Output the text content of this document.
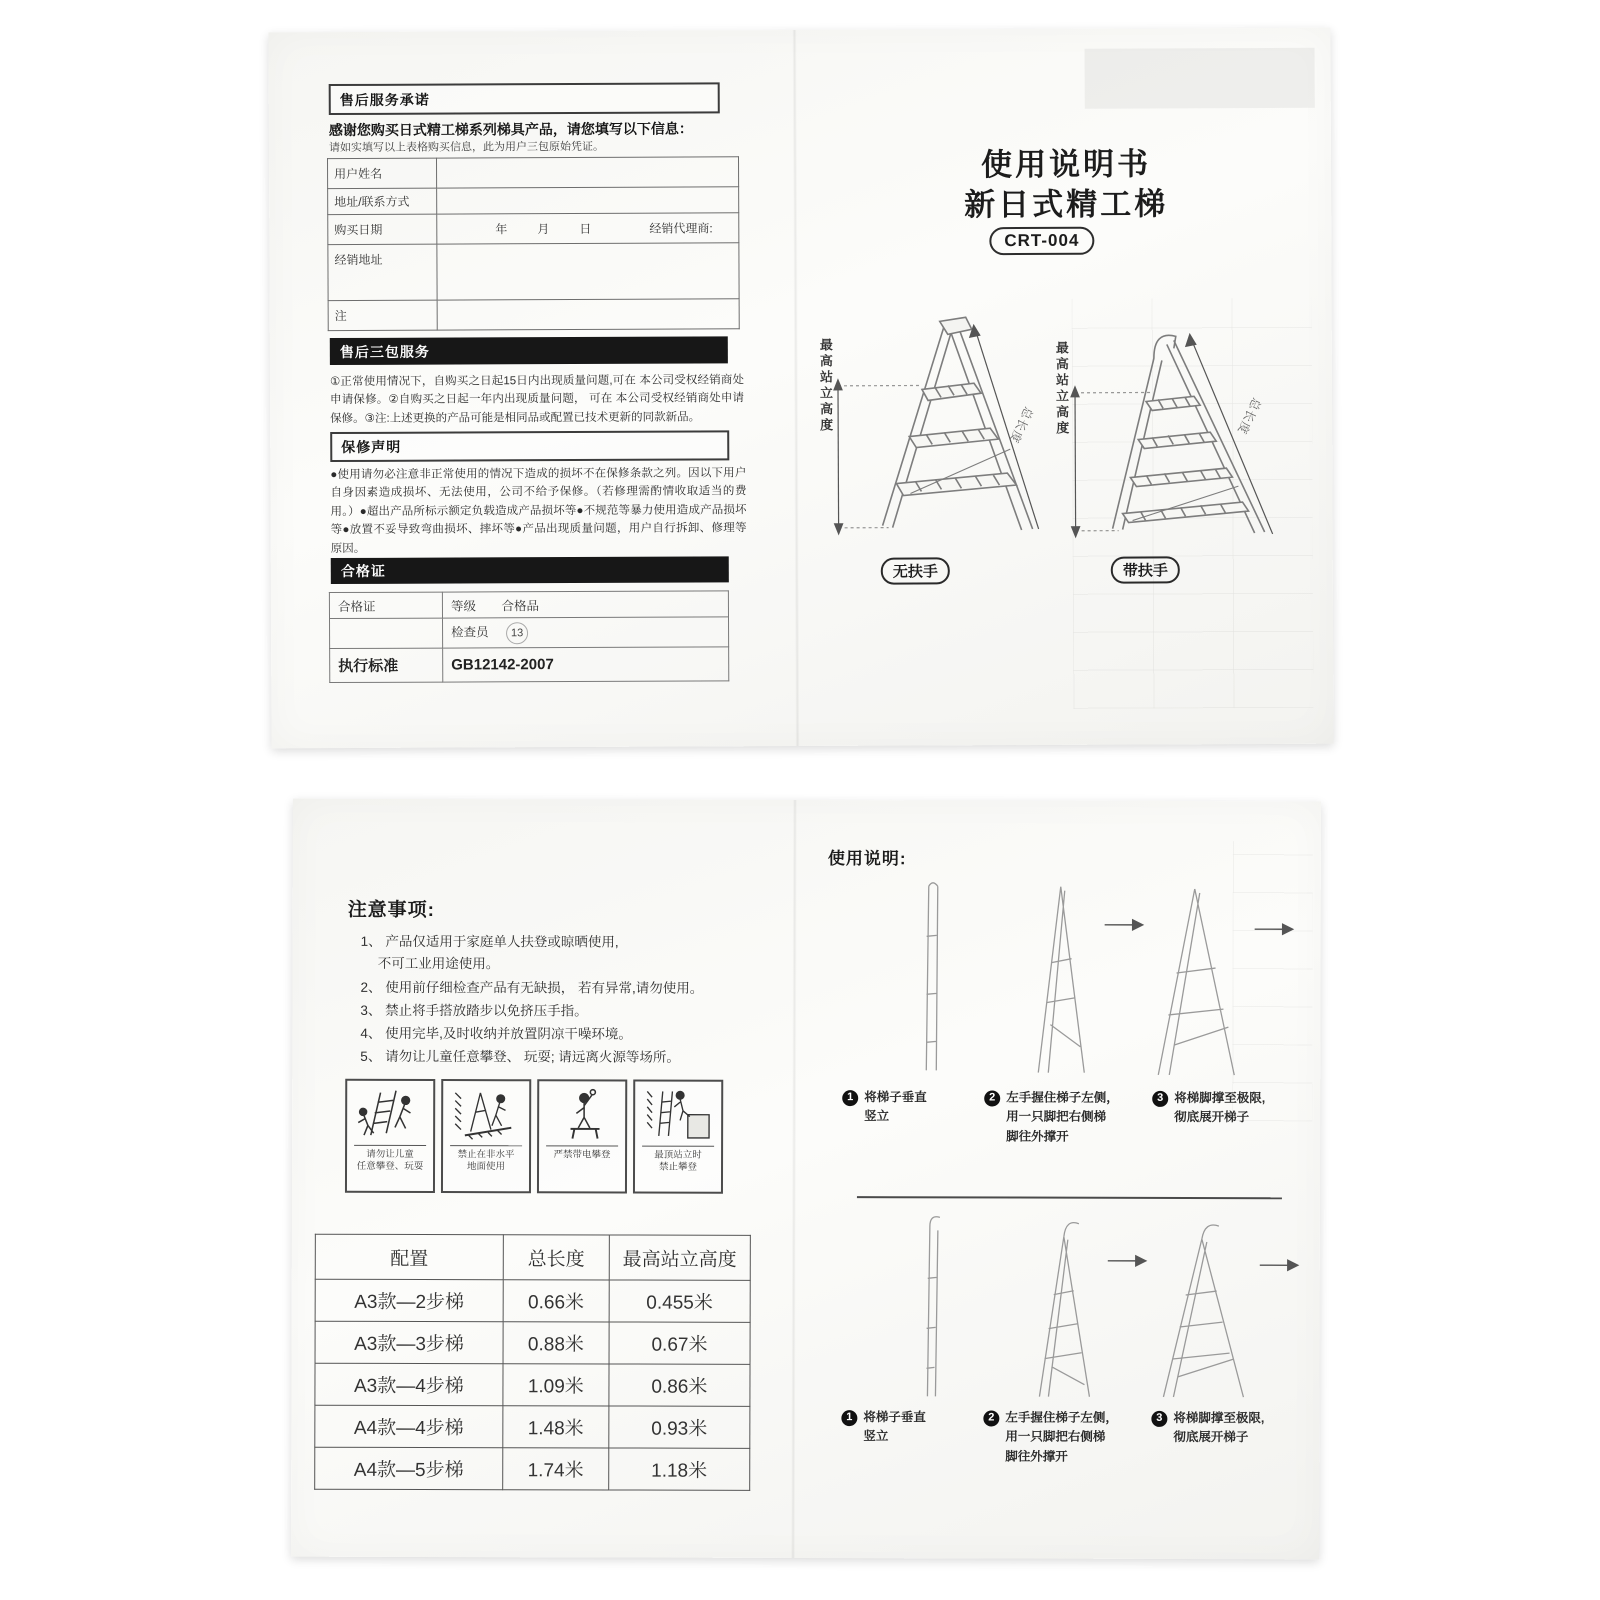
售后服务承诺
感谢您购买日式精工梯系列梯具产品，请您填写以下信息：
请如实填写以上表格购买信息，此为用户三包原始凭证。
用户姓名	
地址/联系方式	
购买日期	年　　月　　日 经销代理商:

经销地址	
注	
售后三包服务
①正常使用情况下，自购买之日起15日内出现质量问题,可在 本公司受权经销商处申请保修。②自购买之日起一年内出现质量问题， 可在 本公司受权经销商处申请保修。③注:上述更换的产品可能是相同品或配置已技术更新的同款新品。
保修声明
●使用请勿必注意非正常使用的情况下造成的损坏不在保修条款之列。因以下用户自身因素造成损坏、无法使用，公司不给予保修。（若修理需酌情收取适当的费用。）●超出产品所标示额定负载造成产品损坏等●不规范等暴力使用造成产品损坏等●放置不妥导致弯曲损坏、摔坏等●产品出现质量问题，用户自行拆卸、修理等原因。
合格证
合格证	等级 合格品
	检查员 13
执行标准	GB12142-2007
使用说明书
新日式精工梯
CRT-004
最高站立高度	最高站立高度
总长度	总长度
无扶手	带扶手
注意事项:
1、 产品仅适用于家庭单人扶登或晾晒使用,
　 不可工业用途使用。
2、 使用前仔细检查产品有无缺损， 若有异常,请勿使用。
3、 禁止将手搭放踏步以免挤压手指。
4、 使用完毕,及时收纳并放置阴凉干噪环境。
5、 请勿让儿童任意攀登、 玩耍; 请远离火源等场所。
请勿让儿童
任意攀登、玩耍
禁止在非水平
地面使用
严禁带电攀登	最顶站立时
禁止攀登
配置	总长度	最高站立高度
A3款—2步梯	0.66米	0.455米
A3款—3步梯	0.88米	0.67米
A3款—4步梯	1.09米	0.86米
A4款—4步梯	1.48米	0.93米
A4款—5步梯	1.74米	1.18米
使用说明:
1 将梯子垂直
竖立
2 左手握住梯子左侧，
用一只脚把右侧梯
脚往外撑开
3 将梯脚撑至极限,
彻底展开梯子
1 将梯子垂直
竖立
2 左手握住梯子左侧，
用一只脚把右侧梯
脚往外撑开
3 将梯脚撑至极限,
彻底展开梯子
